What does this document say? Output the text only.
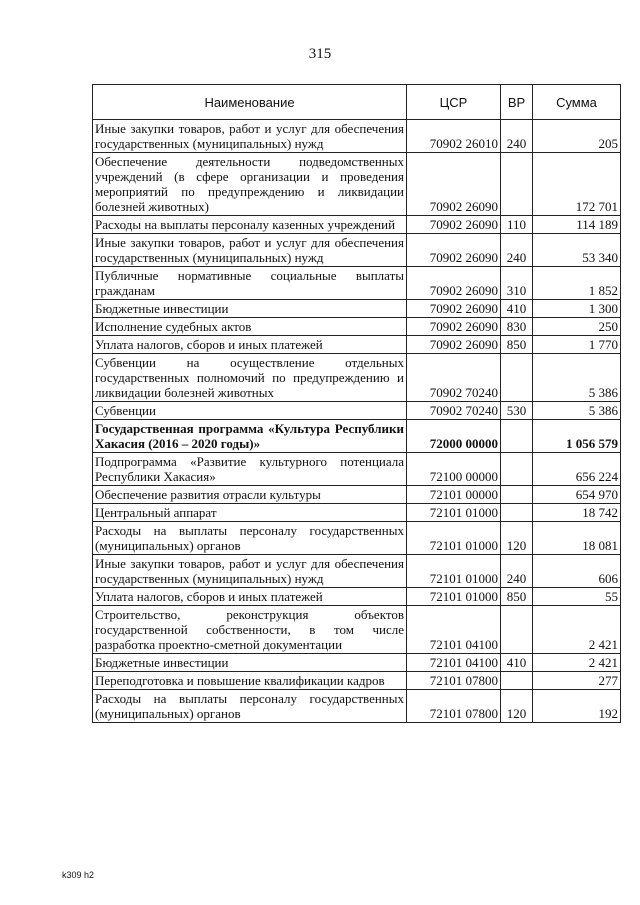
315
Наименование	ЦСР	ВР	Сумма
Иные закупки товаров, работ и услуг для обеспечения государственных (муниципальных) нужд	70902 26010	240	205
Обеспечение деятельности подведомственных учреждений (в сфере организации и проведения мероприятий по предупреждению и ликвидации болезней животных)	70902 26090		172 701
Расходы на выплаты персоналу казенных учреждений	70902 26090	110	114 189
Иные закупки товаров, работ и услуг для обеспечения государственных (муниципальных) нужд	70902 26090	240	53 340
Публичные нормативные социальные выплаты гражданам	70902 26090	310	1 852
Бюджетные инвестиции	70902 26090	410	1 300
Исполнение судебных актов	70902 26090	830	250
Уплата налогов, сборов и иных платежей	70902 26090	850	1 770
Субвенции на осуществление отдельных государственных полномочий по предупреждению и ликвидации болезней животных	70902 70240		5 386
Субвенции	70902 70240	530	5 386
Государственная программа «Культура Республики Хакасия (2016 – 2020 годы)»	72000 00000		1 056 579
Подпрограмма «Развитие культурного потенциала Республики Хакасия»	72100 00000		656 224
Обеспечение развития отрасли культуры	72101 00000		654 970
Центральный аппарат	72101 01000		18 742
Расходы на выплаты персоналу государственных (муниципальных) органов	72101 01000	120	18 081
Иные закупки товаров, работ и услуг для обеспечения государственных (муниципальных) нужд	72101 01000	240	606
Уплата налогов, сборов и иных платежей	72101 01000	850	55
Строительство, реконструкция объектов государственной собственности, в том числе разработка проектно-сметной документации	72101 04100		2 421
Бюджетные инвестиции	72101 04100	410	2 421
Переподготовка и повышение квалификации кадров	72101 07800		277
Расходы на выплаты персоналу государственных (муниципальных) органов	72101 07800	120	192
k309 h2
